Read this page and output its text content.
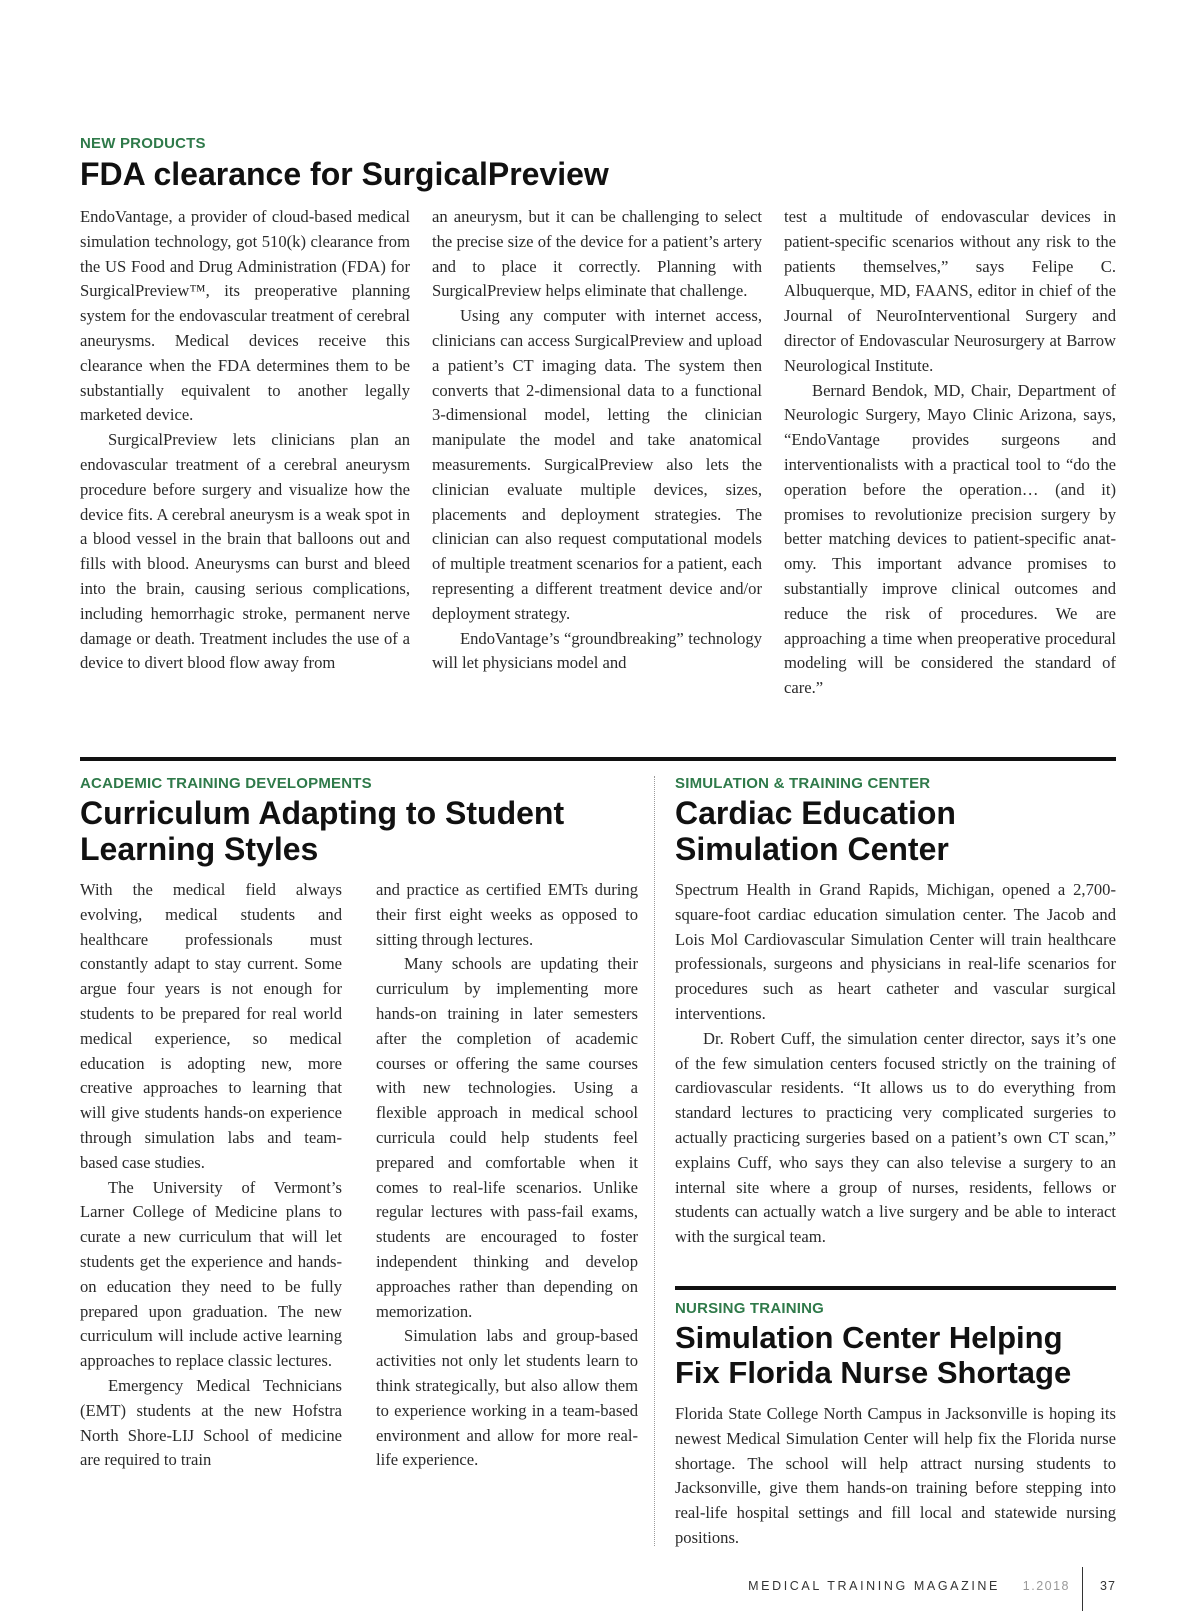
NEW PRODUCTS
FDA clearance for SurgicalPreview

EndoVantage, a provider of cloud-based medical simulation technology, got 510(k) clearance from the US Food and Drug Administration (FDA) for SurgicalPreview™, its preoperative planning system for the endovascular treatment of cerebral aneurysms. Medical devices receive this clearance when the FDA determines them to be substantially equivalent to another legally marketed device.

SurgicalPreview lets clinicians plan an endovascular treatment of a cerebral aneurysm procedure before surgery and visualize how the device fits. A cerebral aneurysm is a weak spot in a blood vessel in the brain that balloons out and fills with blood. Aneurysms can burst and bleed into the brain, causing serious complications, including hemorrhagic stroke, permanent nerve damage or death. Treatment includes the use of a device to divert blood flow away from

an aneurysm, but it can be challenging to select the precise size of the device for a patient’s artery and to place it correctly. Planning with SurgicalPreview helps eliminate that challenge.

Using any computer with internet access, clinicians can access SurgicalPreview and upload a patient’s CT imaging data. The system then converts that 2-dimensional data to a functional 3-dimensional model, letting the clinician manipulate the model and take anatomical measurements. SurgicalPreview also lets the clinician evaluate multiple devices, sizes, placements and deployment strategies. The clinician can also request computational models of multiple treatment scenarios for a patient, each representing a different treatment device and/or deployment strategy.

EndoVantage’s “groundbreaking” technology will let physicians model and

test a multitude of endovascular devices in patient-specific scenarios without any risk to the patients themselves,” says Felipe C. Albuquerque, MD, FAANS, editor in chief of the Journal of NeuroInterventional Surgery and director of Endovascular Neurosurgery at Barrow Neurological Institute.

Bernard Bendok, MD, Chair, Department of Neurologic Surgery, Mayo Clinic Arizona, says, “EndoVantage provides surgeons and interventionalists with a practical tool to “do the operation before the operation… (and it) promises to revolutionize precision surgery by better matching devices to patient-specific anatomy. This important advance promises to substantially improve clinical outcomes and reduce the risk of procedures. We are approaching a time when preoperative procedural modeling will be considered the standard of care.”

ACADEMIC TRAINING DEVELOPMENTS
Curriculum Adapting to Student
Learning Styles

With the medical field always evolving, medical students and healthcare professionals must constantly adapt to stay current. Some argue four years is not enough for students to be prepared for real world medical experience, so medical education is adopting new, more creative approaches to learning that will give students hands-on experience through simulation labs and team-based case studies.

The University of Vermont’s Larner College of Medicine plans to curate a new curriculum that will let students get the experience and hands-on education they need to be fully prepared upon graduation. The new curriculum will include active learning approaches to replace classic lectures.

Emergency Medical Technicians (EMT) students at the new Hofstra North Shore-LIJ School of medicine are required to train

and practice as certified EMTs during their first eight weeks as opposed to sitting through lectures.

Many schools are updating their curriculum by implementing more hands-on training in later semesters after the completion of academic courses or offering the same courses with new technologies. Using a flexible approach in medical school curricula could help students feel prepared and comfortable when it comes to real-life scenarios. Unlike regular lectures with pass-fail exams, students are encouraged to foster independent thinking and develop approaches rather than depending on memorization.

Simulation labs and group-based activities not only let students learn to think strategically, but also allow them to experience working in a team-based environment and allow for more real-life experience.

SIMULATION & TRAINING CENTER
Cardiac Education
Simulation Center

Spectrum Health in Grand Rapids, Michigan, opened a 2,700-square-foot cardiac education simulation center. The Jacob and Lois Mol Cardiovascular Simulation Center will train healthcare professionals, surgeons and physicians in real-life scenarios for procedures such as heart catheter and vascular surgical interventions.

Dr. Robert Cuff, the simulation center director, says it’s one of the few simulation centers focused strictly on the training of cardiovascular residents. “It allows us to do everything from standard lectures to practicing very complicated surgeries to actually practicing surgeries based on a patient’s own CT scan,” explains Cuff, who says they can also televise a surgery to an internal site where a group of nurses, residents, fellows or students can actually watch a live surgery and be able to interact with the surgical team.

NURSING TRAINING
Simulation Center Helping
Fix Florida Nurse Shortage

Florida State College North Campus in Jacksonville is hoping its newest Medical Simulation Center will help fix the Florida nurse shortage. The school will help attract nursing students to Jacksonville, give them hands-on training before stepping into real-life hospital settings and fill local and statewide nursing positions.

MEDICAL TRAINING MAGAZINE 1.2018 37
